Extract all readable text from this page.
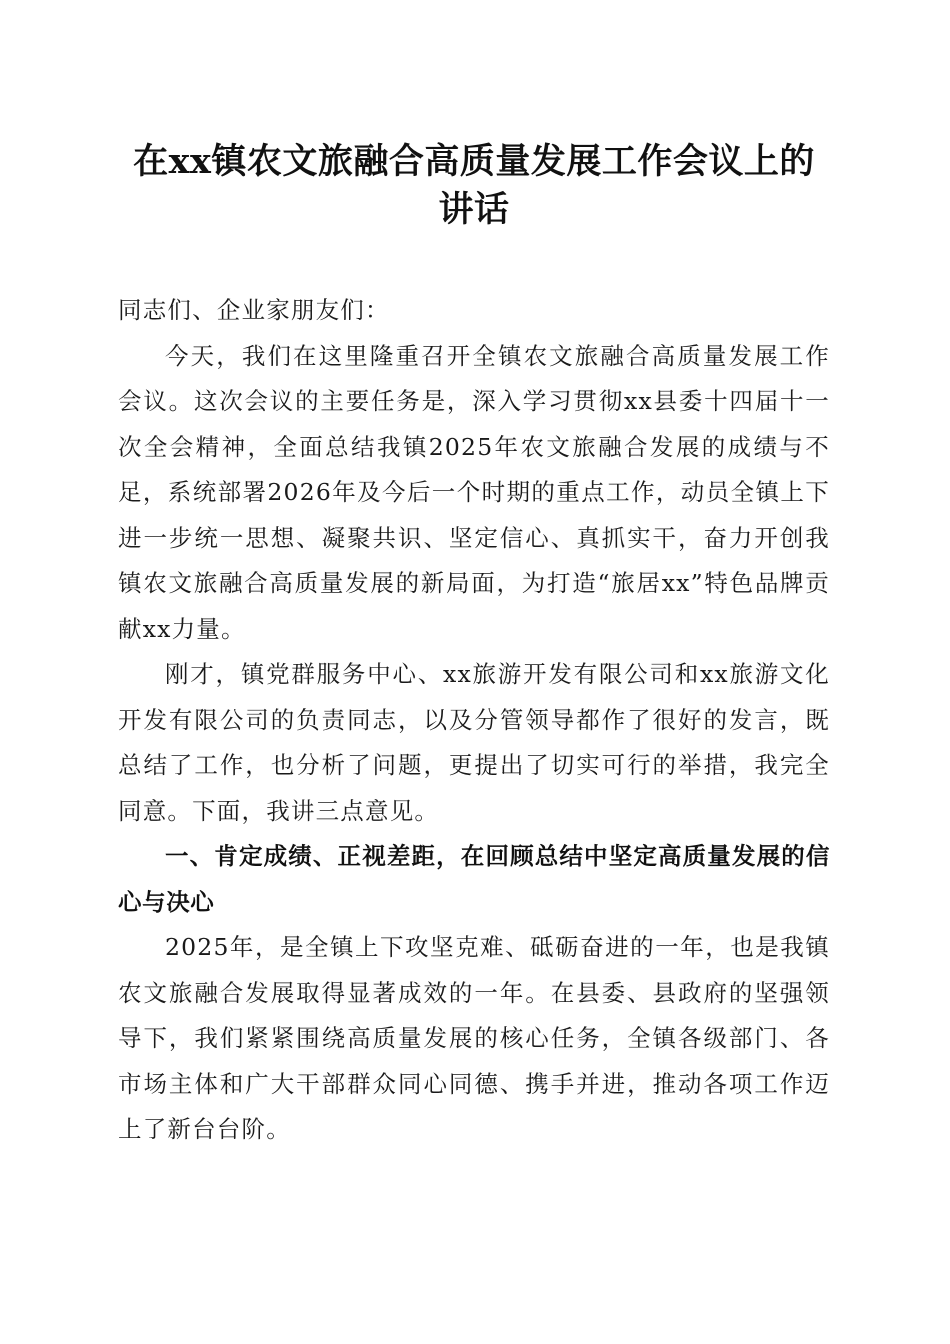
在xx镇农文旅融合高质量发展工作会议上的
讲话

同志们、企业家朋友们：

今天，我们在这里隆重召开全镇农文旅融合高质量发展工作会议。这次会议的主要任务是，深入学习贯彻xx县委十四届十一次全会精神，全面总结我镇2025年农文旅融合发展的成绩与不足，系统部署2026年及今后一个时期的重点工作，动员全镇上下进一步统一思想、凝聚共识、坚定信心、真抓实干，奋力开创我镇农文旅融合高质量发展的新局面，为打造“旅居xx”特色品牌贡献xx力量。

刚才，镇党群服务中心、xx旅游开发有限公司和xx旅游文化开发有限公司的负责同志，以及分管领导都作了很好的发言，既总结了工作，也分析了问题，更提出了切实可行的举措，我完全同意。下面，我讲三点意见。

一、肯定成绩、正视差距，在回顾总结中坚定高质量发展的信心与决心

2025年，是全镇上下攻坚克难、砥砺奋进的一年，也是我镇农文旅融合发展取得显著成效的一年。在县委、县政府的坚强领导下，我们紧紧围绕高质量发展的核心任务，全镇各级部门、各市场主体和广大干部群众同心同德、携手并进，推动各项工作迈上了新台台阶。
